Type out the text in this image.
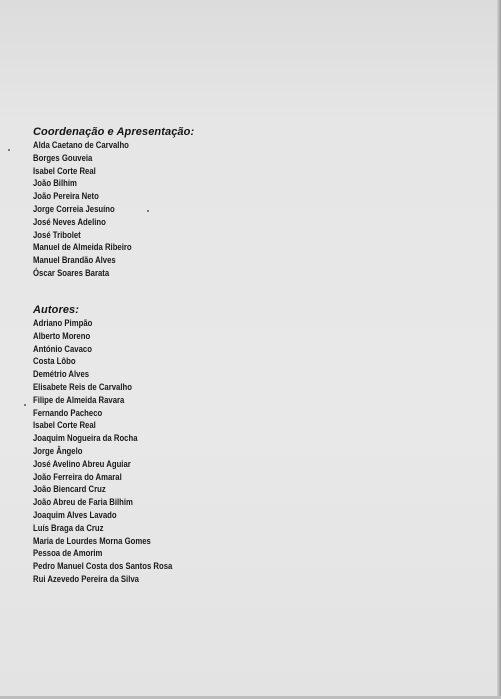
Coordenação e Apresentação:
Alda Caetano de Carvalho
Borges Gouveia
Isabel Corte Real
João Bilhim
João Pereira Neto
Jorge Correia Jesuíno
José Neves Adelino
José Tribolet
Manuel de Almeida Ribeiro
Manuel Brandão Alves
Óscar Soares Barata
Autores:
Adriano Pimpão
Alberto Moreno
António Cavaco
Costa Lôbo
Demétrio Alves
Elisabete Reis de Carvalho
Filipe de Almeida Ravara
Fernando Pacheco
Isabel Corte Real
Joaquim Nogueira da Rocha
Jorge Ângelo
José Avelino Abreu Aguiar
João Ferreira do Amaral
João Biencard Cruz
João Abreu de Faria Bilhim
Joaquim Alves Lavado
Luís Braga da Cruz
Maria de Lourdes Morna Gomes
Pessoa de Amorim
Pedro Manuel Costa dos Santos Rosa
Rui Azevedo Pereira da Silva
